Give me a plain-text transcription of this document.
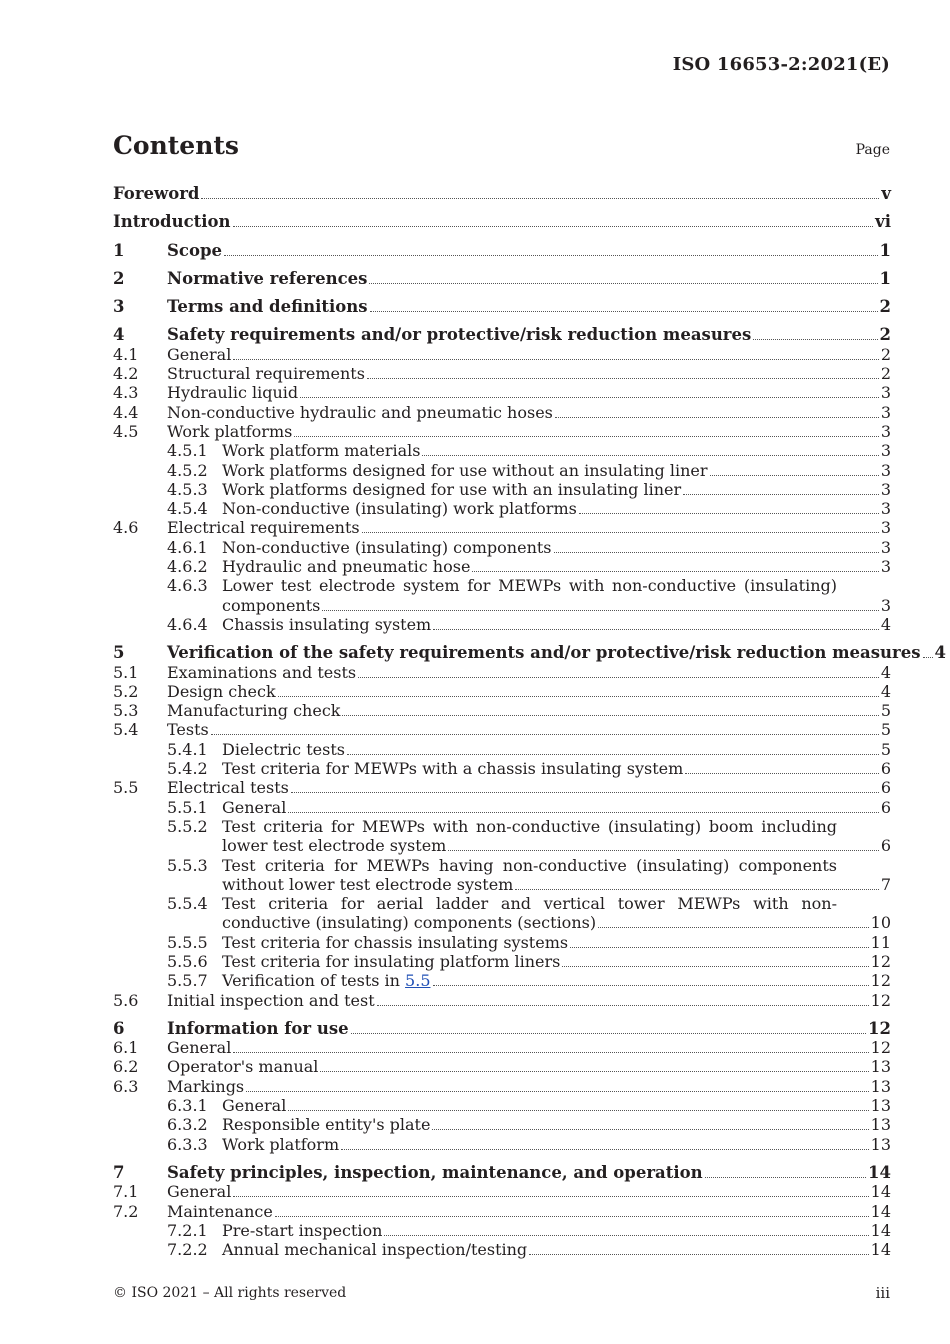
ISO 16653-2:2021(E)
Contents	Page
Foreword	v
Introduction	vi
1	Scope	1
2	Normative references	1
3	Terms and definitions	2
4	Safety requirements and/or protective/risk reduction measures	2
4.1 General	2
4.2 Structural requirements	2
4.3 Hydraulic liquid	3
4.4 Non-conductive hydraulic and pneumatic hoses	3
4.5 Work platforms	3
4.5.1 Work platform materials	3
4.5.2 Work platforms designed for use without an insulating liner	3
4.5.3 Work platforms designed for use with an insulating liner	3
4.5.4 Non-conductive (insulating) work platforms	3
4.6 Electrical requirements	3
4.6.1 Non-conductive (insulating) components	3
4.6.2 Hydraulic and pneumatic hose	3
4.6.3 Lower test electrode system for MEWPs with non-conductive (insulating)
components	3
4.6.4 Chassis insulating system	4
5	Verification of the safety requirements and/or protective/risk reduction measures 4
5.1 Examinations and tests	4
5.2 Design check	4
5.3 Manufacturing check	5
5.4 Tests	5
5.4.1 Dielectric tests	5
5.4.2 Test criteria for MEWPs with a chassis insulating system	6
5.5 Electrical tests	6
5.5.1 General	6
5.5.2 Test criteria for MEWPs with non-conductive (insulating) boom including
lower test electrode system	6
5.5.3 Test criteria for MEWPs having non-conductive (insulating) components
without lower test electrode system	7
5.5.4 Test criteria for aerial ladder and vertical tower MEWPs with non-
conductive (insulating) components (sections)	10
5.5.5 Test criteria for chassis insulating systems	11
5.5.6 Test criteria for insulating platform liners	12
5.5.7 Verification of tests in 5.5	12
5.6 Initial inspection and test	12
6	Information for use	12
6.1 General	12
6.2 Operator's manual	13
6.3 Markings	13
6.3.1 General	13
6.3.2 Responsible entity's plate	13
6.3.3 Work platform	13
7	Safety principles, inspection, maintenance, and operation	14
7.1 General	14
7.2 Maintenance	14
7.2.1 Pre-start inspection	14
7.2.2 Annual mechanical inspection/testing	14
© ISO 2021 – All rights reserved	iii
